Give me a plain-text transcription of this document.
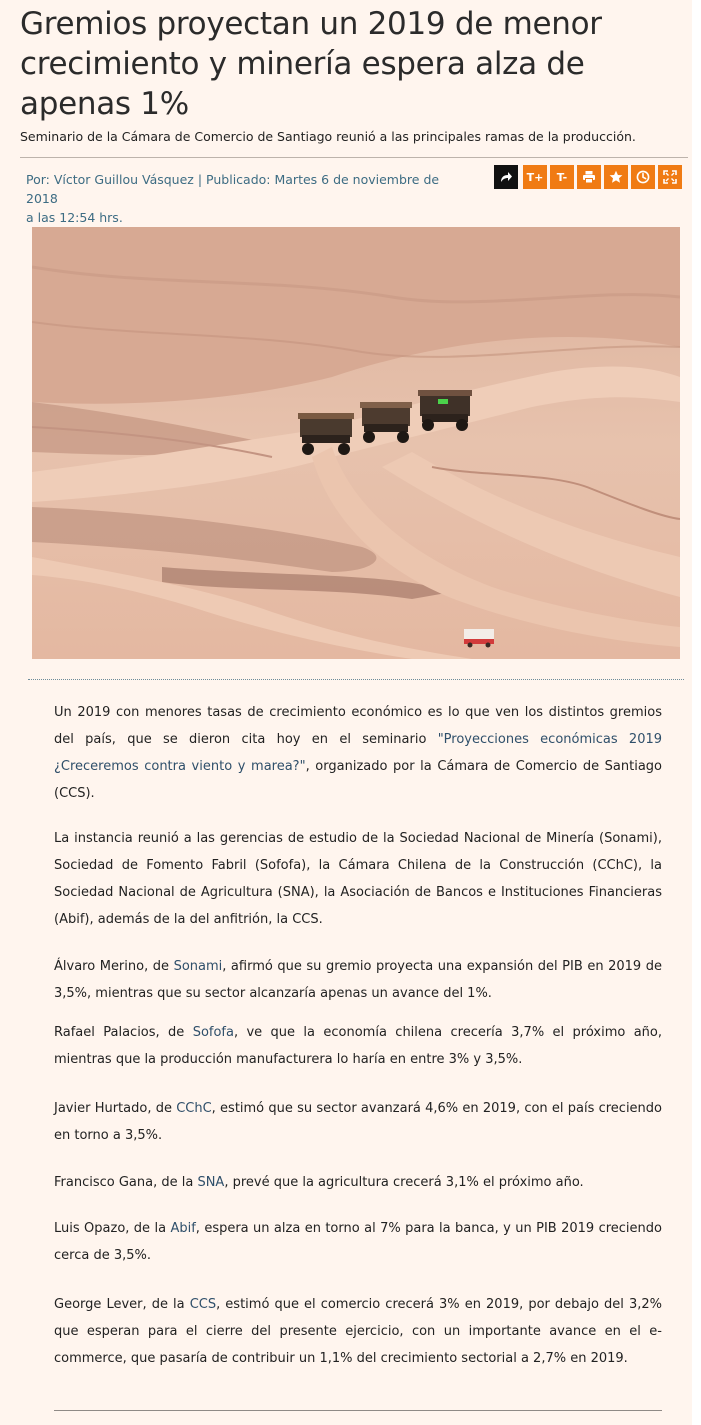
Gremios proyectan un 2019 de menor crecimiento y minería espera alza de apenas 1%

Seminario de la Cámara de Comercio de Santiago reunió a las principales ramas de la producción.

Por: Víctor Guillou Vásquez | Publicado: Martes 6 de noviembre de 2018
a las 12:54 hrs.
T+	T-

Un 2019 con menores tasas de crecimiento económico es lo que ven los distintos gremios del país, que se dieron cita hoy en el seminario "Proyecciones económicas 2019 ¿Creceremos contra viento y marea?", organizado por la Cámara de Comercio de Santiago (CCS).

La instancia reunió a las gerencias de estudio de la Sociedad Nacional de Minería (Sonami), Sociedad de Fomento Fabril (Sofofa), la Cámara Chilena de la Construcción (CChC), la Sociedad Nacional de Agricultura (SNA), la Asociación de Bancos e Instituciones Financieras (Abif), además de la del anfitrión, la CCS.

Álvaro Merino, de Sonami, afirmó que su gremio proyecta una expansión del PIB en 2019 de 3,5%, mientras que su sector alcanzaría apenas un avance del 1%.

Rafael Palacios, de Sofofa, ve que la economía chilena crecería 3,7% el próximo año, mientras que la producción manufacturera lo haría en entre 3% y 3,5%.

Javier Hurtado, de CChC, estimó que su sector avanzará 4,6% en 2019, con el país creciendo en torno a 3,5%.

Francisco Gana, de la SNA, prevé que la agricultura crecerá 3,1% el próximo año.

Luis Opazo, de la Abif, espera un alza en torno al 7% para la banca, y un PIB 2019 creciendo cerca de 3,5%.

George Lever, de la CCS, estimó que el comercio crecerá 3% en 2019, por debajo del 3,2% que esperan para el cierre del presente ejercicio, con un importante avance en el e-commerce, que pasaría de contribuir un 1,1% del crecimiento sectorial a 2,7% en 2019.
